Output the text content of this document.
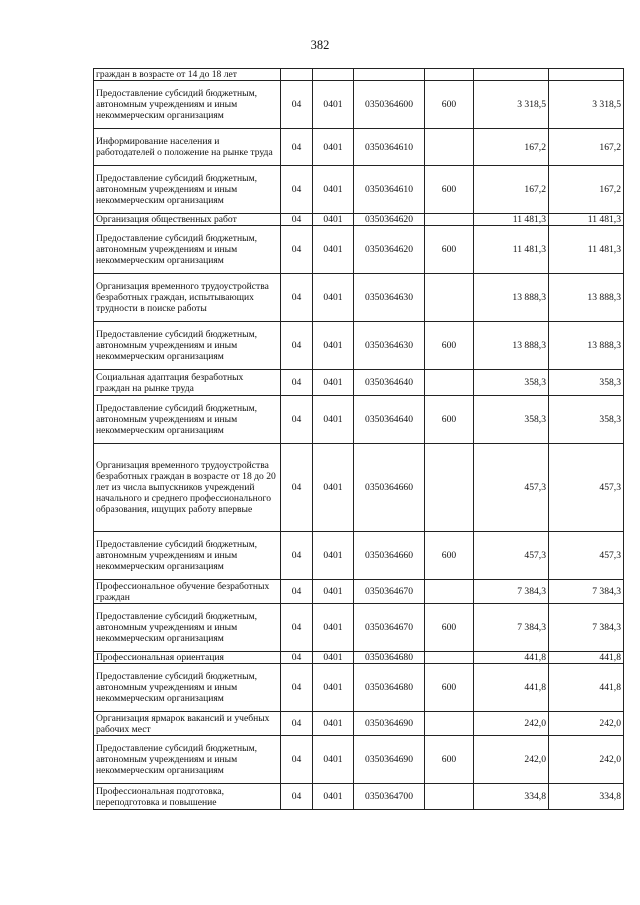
382
граждан в возрасте от 14 до 18 лет						
Предоставление субсидий бюджетным, автономным учреждениям и иным некоммерческим организациям	04	0401	0350364600	600	3 318,5	3 318,5
Информирование населения и работодателей о положение на рынке труда	04	0401	0350364610		167,2	167,2
Предоставление субсидий бюджетным, автономным учреждениям и иным некоммерческим организациям	04	0401	0350364610	600	167,2	167,2
Организация общественных работ	04	0401	0350364620		11 481,3	11 481,3
Предоставление субсидий бюджетным, автономным учреждениям и иным некоммерческим организациям	04	0401	0350364620	600	11 481,3	11 481,3
Организация временного трудоустройства безработных граждан, испытывающих трудности в поиске работы	04	0401	0350364630		13 888,3	13 888,3
Предоставление субсидий бюджетным, автономным учреждениям и иным некоммерческим организациям	04	0401	0350364630	600	13 888,3	13 888,3
Социальная адаптация безработных граждан на рынке труда	04	0401	0350364640		358,3	358,3
Предоставление субсидий бюджетным, автономным учреждениям и иным некоммерческим организациям	04	0401	0350364640	600	358,3	358,3
Организация временного трудоустройства безработных граждан в возрасте от 18 до 20 лет из числа выпускников учреждений начального и среднего профессионального образования, ищущих работу впервые	04	0401	0350364660		457,3	457,3
Предоставление субсидий бюджетным, автономным учреждениям и иным некоммерческим организациям	04	0401	0350364660	600	457,3	457,3
Профессиональное обучение безработных граждан	04	0401	0350364670		7 384,3	7 384,3
Предоставление субсидий бюджетным, автономным учреждениям и иным некоммерческим организациям	04	0401	0350364670	600	7 384,3	7 384,3
Профессиональная ориентация	04	0401	0350364680		441,8	441,8
Предоставление субсидий бюджетным, автономным учреждениям и иным некоммерческим организациям	04	0401	0350364680	600	441,8	441,8
Организация ярмарок вакансий и учебных рабочих мест	04	0401	0350364690		242,0	242,0
Предоставление субсидий бюджетным, автономным учреждениям и иным некоммерческим организациям	04	0401	0350364690	600	242,0	242,0
Профессиональная подготовка, переподготовка и повышение	04	0401	0350364700		334,8	334,8
